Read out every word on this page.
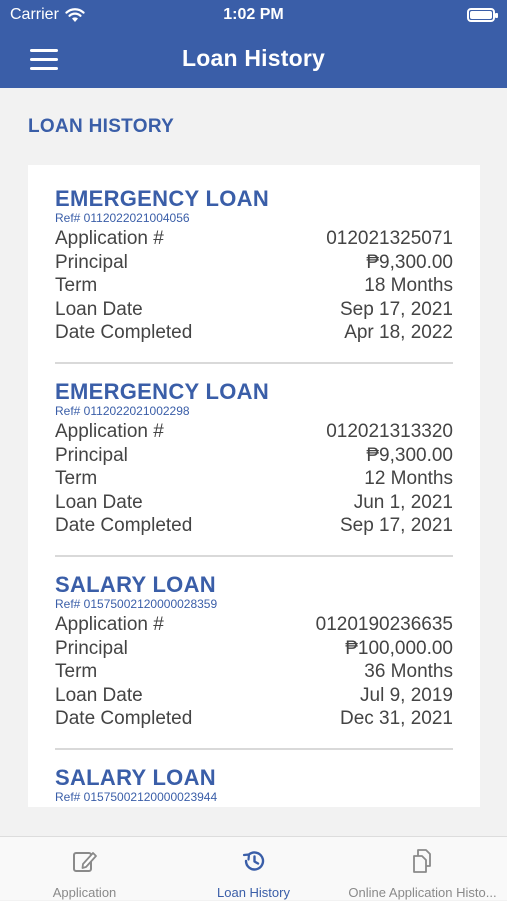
Carrier	1:02 PM
Loan History
LOAN HISTORY
EMERGENCY LOAN
Ref# 0112022021004056
Application #	012021325071
Principal	₱9,300.00
Term	18 Months
Loan Date	Sep 17, 2021
Date Completed	Apr 18, 2022
EMERGENCY LOAN
Ref# 0112022021002298
Application #	012021313320
Principal	₱9,300.00
Term	12 Months
Loan Date	Jun 1, 2021
Date Completed	Sep 17, 2021
SALARY LOAN
Ref# 01575002120000028359
Application #	0120190236635
Principal	₱100,000.00
Term	36 Months
Loan Date	Jul 9, 2019
Date Completed	Dec 31, 2021
SALARY LOAN
Ref# 01575002120000023944
Application	Loan History	Online Application Histo...
